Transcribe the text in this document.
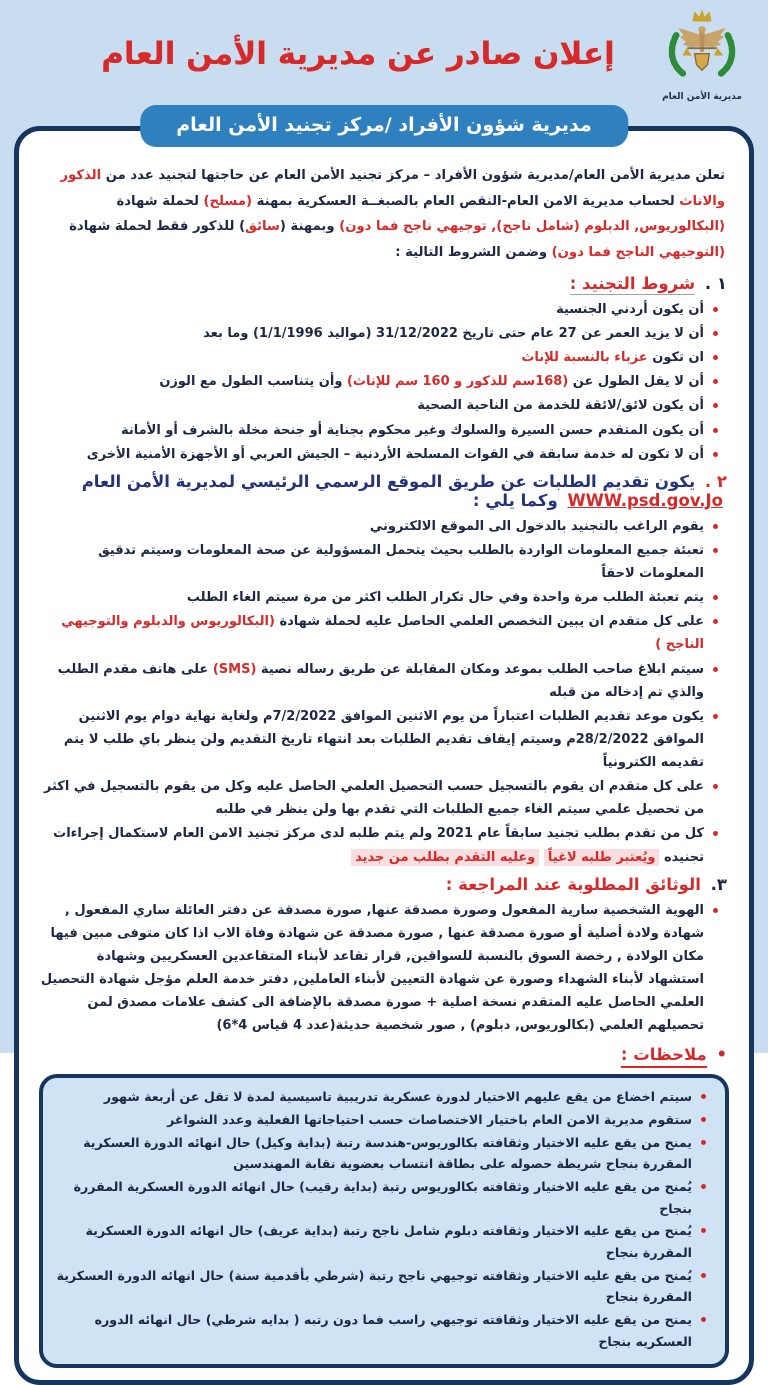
مديرية الأمن العام
إعلان صادر عن مديرية الأمن العام
مديرية شؤون الأفراد /مركز تجنيد الأمن العام
تعلن مديرية الأمن العام/مديرية شؤون الأفراد – مركز تجنيد الأمن العام عن حاجتها لتجنيد عدد من الذكور والاناث لحساب مديرية الامن العام-النقص العام بالصبغــة العسكرية بمهنة (مسلح) لحملة شهادة (البكالوريوس, الدبلوم (شامل ناجح), توجيهي ناجح فما دون) وبمهنة (سائق) للذكور فقط لحملة شهادة (التوجيهي الناجح فما دون) وضمن الشروط التالية :
١ . شروط التجنيد :
أن يكون أردني الجنسية
أن لا يزيد العمر عن 27 عام حتى تاريخ 31/12/2022 (مواليد 1/1/1996) وما بعد
ان تكون عزباء بالنسبة للإناث
أن لا يقل الطول عن (168سم للذكور و 160 سم للإناث) وأن يتناسب الطول مع الوزن
أن يكون لائق/لائقة للخدمة من الناحية الصحية
أن يكون المتقدم حسن السيرة والسلوك وغير محكوم بجناية أو جنحة مخلة بالشرف أو الأمانة
أن لا تكون له خدمة سابقة في القوات المسلحة الأردنية – الجيش العربي أو الأجهزة الأمنية الأخرى
٢ . يكون تقديم الطلبات عن طريق الموقع الرسمي الرئيسي لمديرية الأمن العام WWW.psd.gov.Jo وكما يلي :
يقوم الراغب بالتجنيد بالدخول الى الموقع الالكتروني
تعبئة جميع المعلومات الواردة بالطلب بحيث يتحمل المسؤولية عن صحة المعلومات وسيتم تدقيق المعلومات لاحقاً
يتم تعبئة الطلب مرة واحدة وفي حال تكرار الطلب اكثر من مرة سيتم الغاء الطلب
على كل متقدم ان يبين التخصص العلمي الحاصل عليه لحملة شهادة (البكالوريوس والدبلوم والتوجيهي الناجح )
سيتم ابلاغ صاحب الطلب بموعد ومكان المقابلة عن طريق رساله نصية (SMS) على هاتف مقدم الطلب والذي تم إدخاله من قبله
يكون موعد تقديم الطلبات اعتباراً من يوم الاثنين الموافق 7/2/2022م ولغاية نهاية دوام يوم الاثنين الموافق 28/2/2022م وسيتم إيقاف تقديم الطلبات بعد انتهاء تاريخ التقديم ولن ينظر باي طلب لا يتم تقديمه الكترونياً
على كل متقدم ان يقوم بالتسجيل حسب التحصيل العلمي الحاصل عليه وكل من يقوم بالتسجيل في اكثر من تحصيل علمي سيتم الغاء جميع الطلبات التي تقدم بها ولن ينظر في طلبه
كل من تقدم بطلب تجنيد سابقاً عام 2021 ولم يتم طلبه لدى مركز تجنيد الامن العام لاستكمال إجراءات تجنيده ويُعتبر طلبه لاغياً وعليه التقدم بطلب من جديد
٣. الوثائق المطلوبة عند المراجعة :
الهوية الشخصية سارية المفعول وصورة مصدقة عنها, صورة مصدقة عن دفتر العائلة ساري المفعول , شهادة ولادة أصلية أو صورة مصدقة عنها , صورة مصدقة عن شهادة وفاة الاب اذا كان متوفى مبين فيها مكان الولادة , رخصة السوق بالنسبة للسواقين, قرار تقاعد لأبناء المتقاعدين العسكريين وشهادة استشهاد لأبناء الشهداء وصورة عن شهادة التعيين لأبناء العاملين, دفتر خدمة العلم مؤجل شهادة التحصيل العلمي الحاصل عليه المتقدم نسخة اصلية + صورة مصدقة بالإضافة الى كشف علامات مصدق لمن تحصيلهم العلمي (بكالوريوس, دبلوم) , صور شخصية حديثة(عدد 4 قياس 4*6)
• ملاحظات :
سيتم اخضاع من يقع عليهم الاختيار لدورة عسكرية تدريبية تاسيسية لمدة لا تقل عن أربعة شهور
ستقوم مديرية الامن العام باختيار الاختصاصات حسب احتياجاتها الفعلية وعدد الشواغر
يمنح من يقع عليه الاختيار وثقافته بكالوريوس-هندسة رتبة (بداية وكيل) حال انهائه الدورة العسكرية المقررة بنجاح شريطة حصوله على بطاقة انتساب بعضوية نقابة المهندسين
يُمنح من يقع عليه الاختيار وثقافته بكالوريوس رتبة (بداية رقيب) حال انهائه الدورة العسكرية المقررة بنجاح
يُمنح من يقع عليه الاختيار وثقافته دبلوم شامل ناجح رتبة (بداية عريف) حال انهائه الدورة العسكرية المقررة بنجاح
يُمنح من يقع عليه الاختيار وثقافته توجيهي ناجح رتبة (شرطي بأقدمية سنة) حال انهائه الدورة العسكرية المقررة بنجاح
يمنح من يقع عليه الاختيار وثقافته توجيهي راسب فما دون رتبه ( بدايه شرطي) حال انهائه الدوره العسكريه بنجاح
